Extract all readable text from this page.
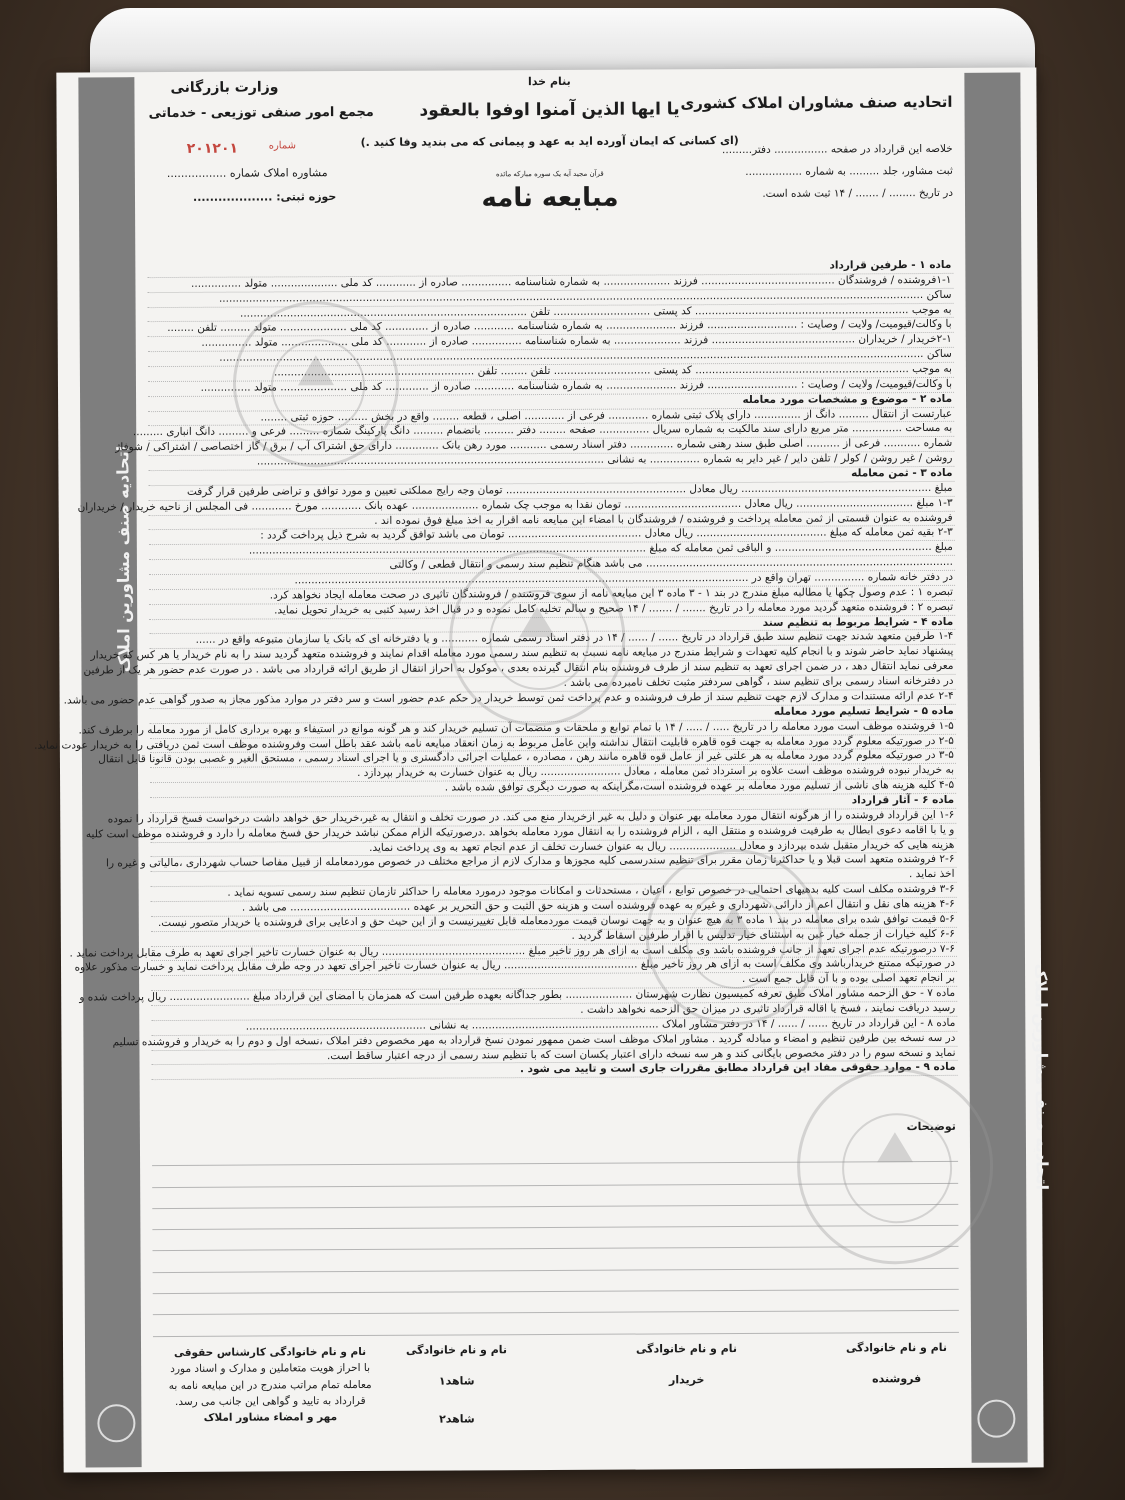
اتحادیه صنف مشاورین املاک
اتحادیه صنف مشاورین املاک
بنام خدا
اتحادیه صنف مشاوران املاک کشوری
یا ایها الذین آمنوا اوفوا بالعقود
وزارت بازرگانی
مجمع امور صنفی توزیعی - خدماتی
(ای کسانی که ایمان آورده اید به عهد و پیمانی که می بندید وفا کنید .)
شماره
۲۰۱۲۰۱
مشاوره املاک شماره .................
حوزه ثبتی: ...................
قرآن مجید آیه یک سوره مبارکه مائده
مبایعه نامه
خلاصه این قرارداد در صفحه ................ دفتر.........
ثبت مشاور، جلد ......... به شماره .................
در تاریخ ........ / ....... / ۱۴ ثبت شده است.

ماده ۱ - طرفین قرارداد

۱-۱فروشنده / فروشندگان ........................................ فرزند .................... به شماره شناسنامه ............... صادره از ............ کد ملی .................... متولد ...............

ساکن ...................................................................................................................................................................................................................

به موجب ................................................................ کد پستی ............................. تلفن ......................................................................................

با وکالت/قیومیت/ ولایت / وصایت : ........................... فرزند ..................... به شماره شناسنامه ............ صادره از ............. کد ملی .................... متولد ......... تلفن ........

۲-۱خریدار / خریداران ........................................... فرزند .................... به شماره شناسنامه ............... صادره از ............ کد ملی .................... متولد ...............

ساکن ...................................................................................................................................................................................................................

به موجب ................................................................ کد پستی ............................. تلفن ........ تلفن ............................................................

با وکالت/قیومیت/ ولایت / وصایت : ........................... فرزند ..................... به شماره شناسنامه ............ صادره از ............. کد ملی .................... متولد ...............

ماده ۲ - موضوع و مشخصات مورد معامله

عبارتست از انتقال ......... دانگ از .............. دارای پلاک ثبتی شماره ............ فرعی از ............ اصلی ، قطعه ........ واقع در بخش ......... حوزه ثبتی ........

به مساحت ............... متر مربع دارای سند مالکیت به شماره سریال ............... صفحه ........ دفتر ......... بانضمام ......... دانگ پارکینگ شماره ......... فرعی و ......... دانگ انباری .........

شماره ........... فرعی از .......... اصلی طبق سند رهنی شماره ............. دفتر اسناد رسمی ........... مورد رهن بانک ............. دارای حق اشتراک آب / برق / گاز اختصاصی / اشتراکی / شوفاژ

روشن / غیر روشن / کولر / تلفن دایر / غیر دایر به شماره ............... به نشانی ........................................................................................................

ماده ۳ - ثمن معامله

مبلغ ......................................................... ریال معادل ...................................................... تومان وجه رایج مملکتی تعیین و مورد توافق و تراضی طرفین قرار گرفت

۱-۳ مبلغ ................................... ریال معادل ................................... تومان نقدا به موجب چک شماره .................... عهده بانک ............ مورخ ............ فی المجلس از ناحیه خریدار / خریداران

فروشنده به عنوان قسمتی از ثمن معامله پرداخت و فروشنده / فروشندگان با امضاء این مبایعه نامه اقرار به اخذ مبلغ فوق نموده اند .

۲-۳ بقیه ثمن معامله که مبلغ ....................................... ریال معادل ........................................ تومان می باشد توافق گردید به شرح ذیل پرداخت گردد :

مبلغ ............................................... و الباقی ثمن معامله که مبلغ .......................................................................................................................

............................................................................................ می باشد هنگام تنظیم سند رسمی و انتقال قطعی / وکالتی

در دفتر خانه شماره ............... تهران واقع در ........................................................................................................................................

تبصره ۱ : عدم وصول چکها یا مطالبه مبلغ مندرج در بند ۱ - ۳ ماده ۳ این مبایعه نامه از سوی فروشنده / فروشندگان تاثیری در صحت معامله ایجاد نخواهد کرد.

تبصره ۲ : فروشنده متعهد گردید مورد معامله را در تاریخ ....... / ....... / ۱۴ صحیح و سالم تخلیه کامل نموده و در قبال اخذ رسید کتبی به خریدار تحویل نماید.

ماده ۴ - شرایط مربوط به تنظیم سند

۱-۴ طرفین متعهد شدند جهت تنظیم سند طبق قرارداد در تاریخ ...... / ...... / ۱۴ در دفتر اسناد رسمی شماره ........... و یا دفترخانه ای که بانک یا سازمان متبوعه واقع در ......

پیشنهاد نماید حاضر شوند و با انجام کلیه تعهدات و شرایط مندرج در مبایعه نامه نسبت به تنظیم سند رسمی مورد معامله اقدام نمایند و فروشنده متعهد گردید سند را به نام خریدار یا هر کس که خریدار

معرفی نماید انتقال دهد ، در ضمن اجرای تعهد به تنظیم سند از طرف فروشنده بنام انتقال گیرنده بعدی ، موکول به احراز انتقال از طریق ارائه قرارداد می باشد . در صورت عدم حضور هر یک از طرفین

در دفترخانه اسناد رسمی برای تنظیم سند ، گواهی سردفتر مثبت تخلف نامبرده می باشد .

۲-۴ عدم ارائه مستندات و مدارک لازم جهت تنظیم سند از طرف فروشنده و عدم پرداخت ثمن توسط خریدار در حکم عدم حضور است و سر دفتر در موارد مذکور مجاز به صدور گواهی عدم حضور می باشد.

ماده ۵ - شرایط تسلیم مورد معامله

۱-۵ فروشنده موظف است مورد معامله را در تاریخ ..... / ..... / ۱۴ با تمام توابع و ملحقات و منضمات آن تسلیم خریدار کند و هر گونه موانع در استیفاء و بهره برداری کامل از مورد معامله را برطرف کند.

۲-۵ در صورتیکه معلوم گردد مورد معامله به جهت قوه قاهره قابلیت انتقال نداشته واین عامل مربوط به زمان انعقاد مبایعه نامه باشد عقد باطل است وفروشنده موظف است ثمن دریافتی را به خریدار عودت نماید.

۳-۵ در صورتیکه معلوم گردد مورد معامله به هر علتی غیر از عامل قوه قاهره مانند رهن ، مصادره ، عملیات اجرائی دادگستری و یا اجرای اسناد رسمی ، مستحق الغیر و غصبی بودن قانونا قابل انتقال

به خریدار نبوده فروشنده موظف است علاوه بر استرداد ثمن معامله ، معادل ........................ ریال به عنوان خسارت به خریدار بپردازد .

۴-۵ کلیه هزینه های ناشی از تسلیم مورد معامله بر عهده فروشنده است،مگراینکه به صورت دیگری توافق شده باشد .

ماده ۶ - آثار قرارداد

۱-۶ این قرارداد فروشنده را از هرگونه انتقال مورد معامله بهر عنوان و دلیل به غیر ازخریدار منع می کند. در صورت تخلف و انتقال به غیر،خریدار حق خواهد داشت درخواست فسخ قرارداد را نموده

و یا با اقامه دعوی ابطال به طرفیت فروشنده و منتقل الیه ، الزام فروشنده را به انتقال مورد معامله بخواهد .درصورتیکه الزام ممکن نباشد خریدار حق فسخ معامله را دارد و فروشنده موظف است کلیه

هزینه هایی که خریدار متقبل شده بپردازد و معادل .................... ریال به عنوان خسارت تخلف از عدم انجام تعهد به وی پرداخت نماید.

۲-۶ فروشنده متعهد است قبلا و یا حداکثرتا زمان مقرر برای تنظیم سندرسمی کلیه مجوزها و مدارک لازم از مراجع مختلف در خصوص موردمعامله از قبیل مفاصا حساب شهرداری ،مالیاتی و غیره را

اخذ نماید .

۳-۶ فروشنده مکلف است کلیه بدهیهای احتمالی در خصوص توابع ، اعیان ، مستحدثات و امکانات موجود درمورد معامله را حداکثر تازمان تنظیم سند رسمی تسویه نماید .

۴-۶ هزینه های نقل و انتقال اعم از دارائی ،شهرداری و غیره به عهده فروشنده است و هزینه حق الثبت و حق التحریر بر عهده .................................... می باشد .

۵-۶ قیمت توافق شده برای معامله در بند ۱ ماده ۳ به هیچ عنوان و به جهت نوسان قیمت موردمعامله قابل تغییرنیست و از این حیث حق و ادعایی برای فروشنده یا خریدار متصور نیست.

۶-۶ کلیه خیارات از جمله خیار غبن به استثنای خیار تدلیس با اقرار طرفین اسقاط گردید .

۷-۶ درصورتیکه عدم اجرای تعهد از جانب فروشنده باشد وی مکلف است به ازای هر روز تاخیر مبلغ ........................................... ریال به عنوان خسارت تاخیر اجرای تعهد به طرف مقابل پرداخت نماید .

در صورتیکه ممتنع خریدارباشد وی مکلف است به ازای هر روز تاخیر مبلغ ........................................ ریال به عنوان خسارت تاخیر اجرای تعهد در وجه طرف مقابل پرداخت نماید و خسارت مذکور علاوه

بر انجام تعهد اصلی بوده و با آن قابل جمع است .

ماده ۷ - حق الزحمه مشاور املاک طبق تعرفه کمیسیون نظارت شهرستان .................... بطور جداگانه بعهده طرفین است که همزمان با امضای این قرارداد مبلغ ........................ ریال پرداخت شده و

رسید دریافت نمایند ، فسخ یا اقاله قرارداد تاثیری در میزان حق الزحمه نخواهد داشت .

ماده ۸ - این قرارداد در تاریخ ...... / ...... / ۱۴ در دفتر مشاور املاک ........................................................ به نشانی ......................................................

در سه نسخه بین طرفین تنظیم و امضاء و مبادله گردید . مشاور املاک موظف است ضمن ممهور نمودن نسخ قرارداد به مهر مخصوص دفتر املاک ،نسخه اول و دوم را به خریدار و فروشنده تسلیم

نماید و نسخه سوم را در دفتر مخصوص بایگانی کند و هر سه نسخه دارای اعتبار یکسان است که با تنظیم سند رسمی از درجه اعتبار ساقط است.

ماده ۹ - موارد حقوقی مفاد این قرارداد مطابق مقررات جاری است و تایید می شود .

توضیحات
نام و نام خانوادگی
فروشنده
نام و نام خانوادگی
خریدار
نام و نام خانوادگی
شاهد۱
شاهد۲
نام و نام خانوادگی کارشناس حقوقی
با احراز هویت متعاملین و مدارک و اسناد مورد معامله تمام مراتب مندرج در این مبایعه نامه به قرارداد به تایید و گواهی این جانب می رسد.
مهر و امضاء مشاور املاک
